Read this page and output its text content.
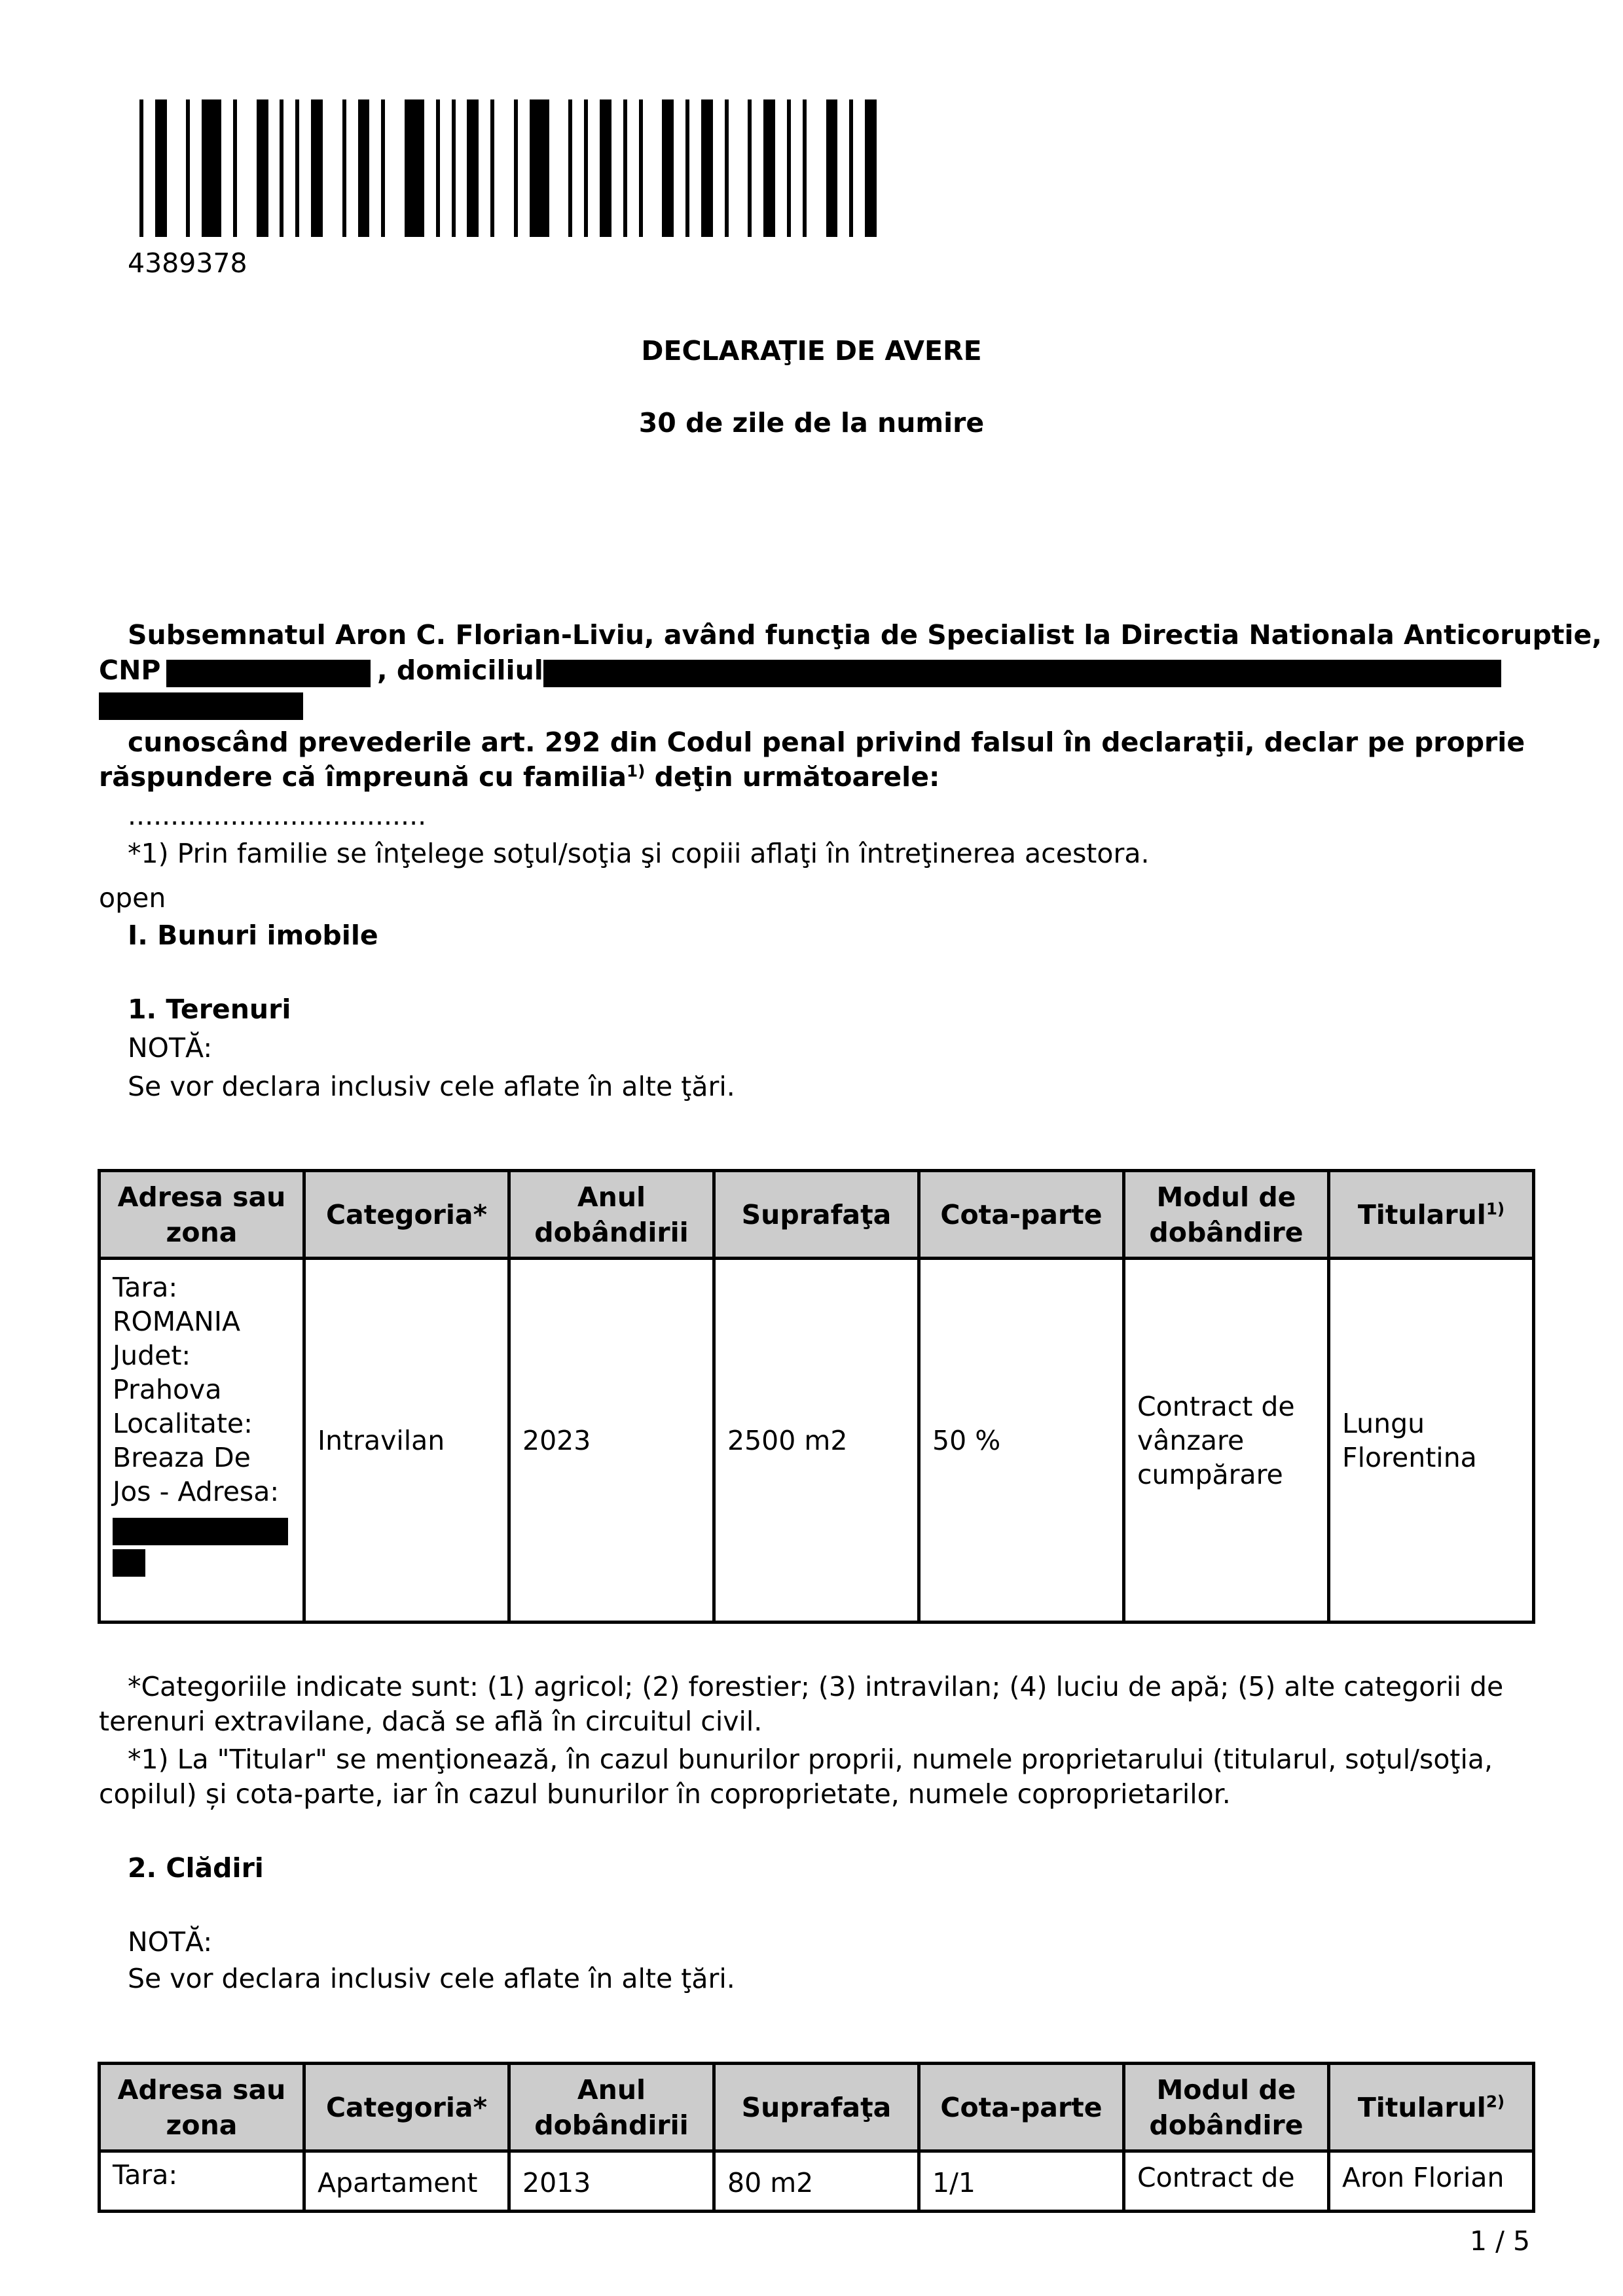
4389378
DECLARAŢIE DE AVERE
30 de zile de la numire
Subsemnatul Aron C. Florian-Liviu, având funcţia de Specialist la Directia Nationala Anticoruptie,
CNP	, domiciliul
cunoscând prevederile art. 292 din Codul penal privind falsul în declaraţii, declar pe proprie
răspundere că împreună cu familia$^{1)}$ deţin următoarele:
...................................
*1) Prin familie se înţelege soţul/soţia şi copiii aflaţi în întreţinerea acestora.
open
I. Bunuri imobile
1. Terenuri
NOTĂ:
Se vor declara inclusiv cele aflate în alte ţări.
Adresa sau zona	Categoria*	Anul dobândirii	Suprafaţa	Cota-parte	Modul de dobândire	Titularul$^{1)}$
Tara: ROMANIA Judet: Prahova Localitate: Breaza De Jos - Adresa:	Intravilan	2023	2500 m2	50 %	Contract de vânzare cumpărare	Lungu Florentina
*Categoriile indicate sunt: (1) agricol; (2) forestier; (3) intravilan; (4) luciu de apă; (5) alte categorii de
terenuri extravilane, dacă se află în circuitul civil.
*1) La "Titular" se menţionează, în cazul bunurilor proprii, numele proprietarului (titularul, soţul/soţia,
copilul) și cota-parte, iar în cazul bunurilor în coproprietate, numele coproprietarilor.
2. Clădiri
NOTĂ:
Se vor declara inclusiv cele aflate în alte ţări.
Adresa sau zona	Categoria*	Anul dobândirii	Suprafaţa	Cota-parte	Modul de dobândire	Titularul$^{2)}$
Tara:	Apartament	2013	80 m2	1/1	Contract de	Aron Florian
1 / 5
